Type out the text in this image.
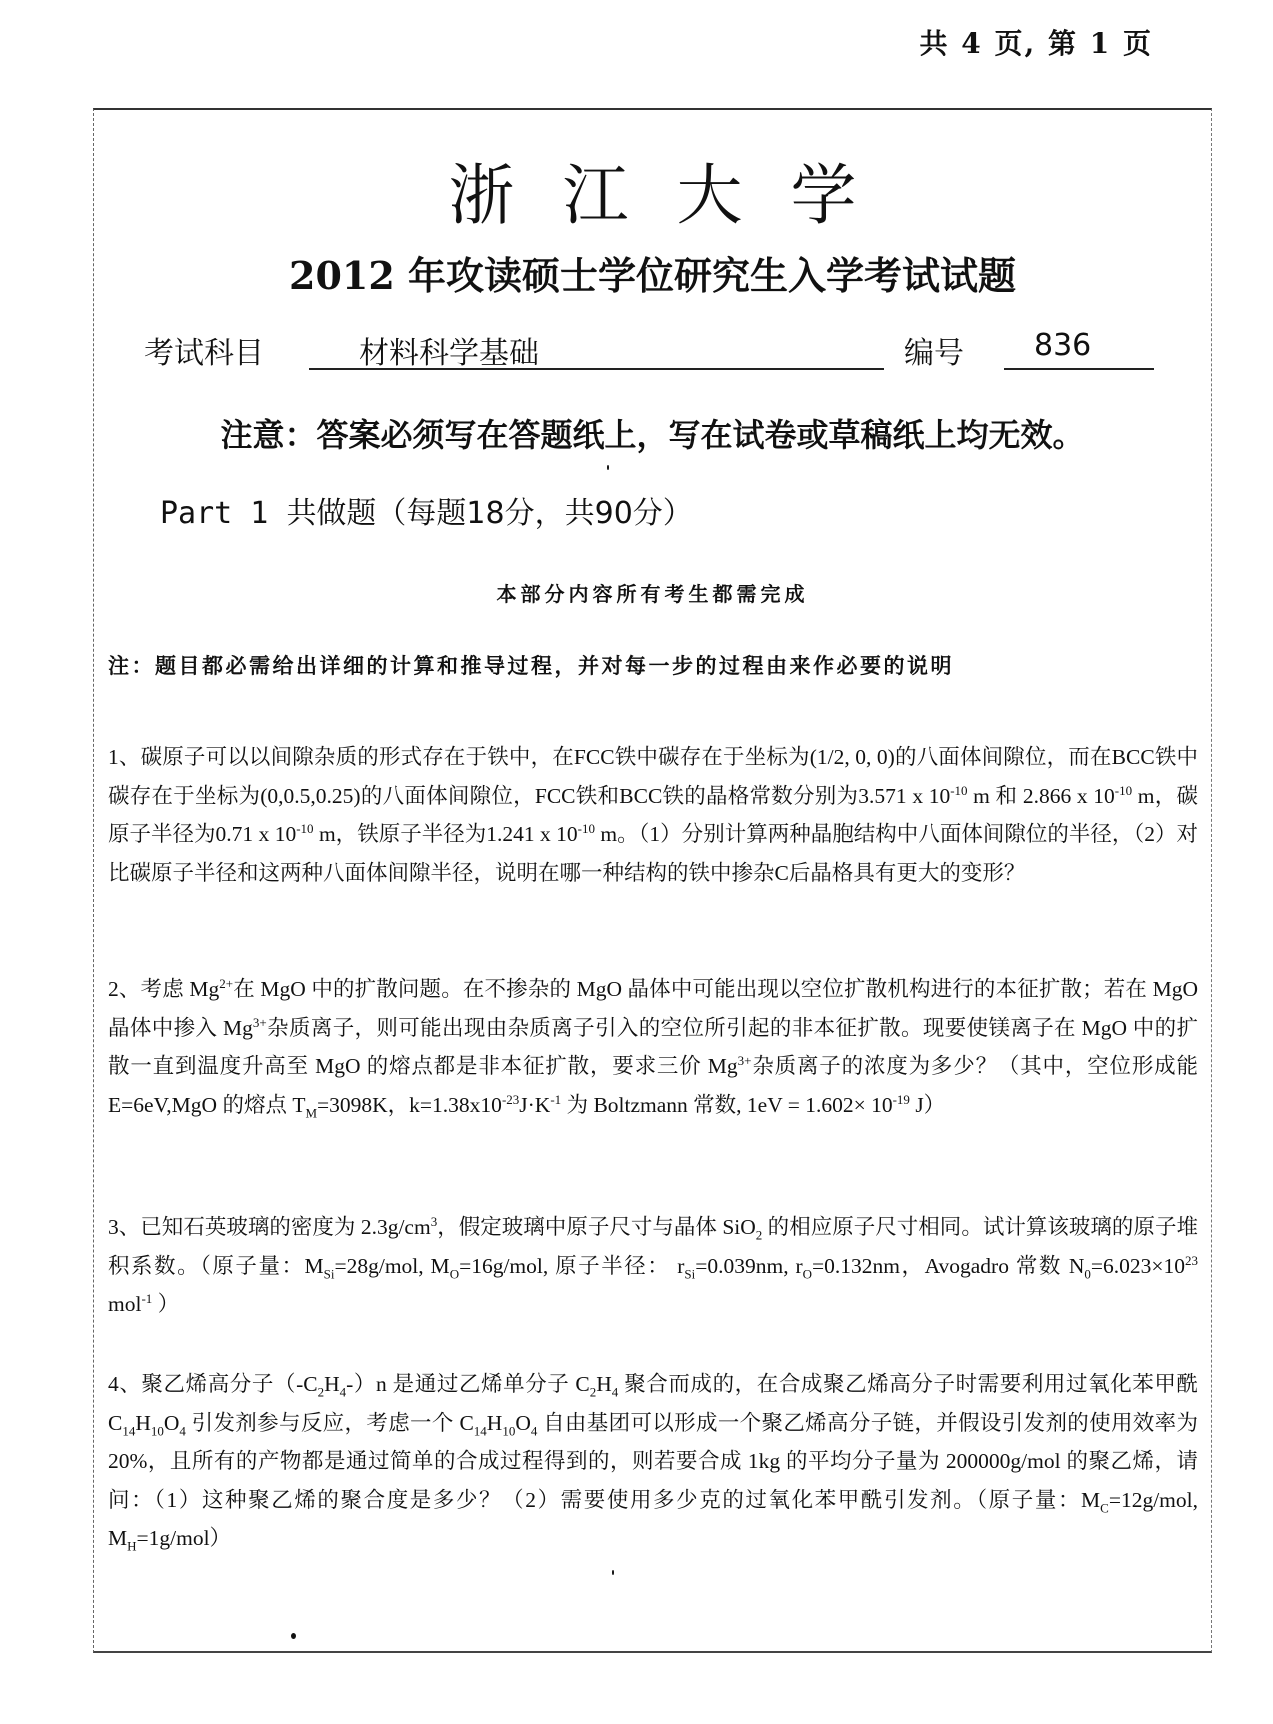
共 4 页, 第 1 页
浙江大学
2012 年攻读硕士学位研究生入学考试试题
考试科目	材料科学基础	编号	836
注意：答案必须写在答题纸上，写在试卷或草稿纸上均无效。
Part 1 共做题（每题18分，共90分）
本部分内容所有考生都需完成
注：题目都必需给出详细的计算和推导过程，并对每一步的过程由来作必要的说明
1、碳原子可以以间隙杂质的形式存在于铁中，在FCC铁中碳存在于坐标为(1/2, 0, 0)的八面体间隙位，而在BCC铁中碳存在于坐标为(0,0.5,0.25)的八面体间隙位，FCC铁和BCC铁的晶格常数分别为3.571 x $10^{-10}$ m 和 2.866 x $10^{-10}$ m，碳原子半径为0.71 x $10^{-10}$ m，铁原子半径为1.241 x $10^{-10}$ m。（1）分别计算两种晶胞结构中八面体间隙位的半径，（2）对比碳原子半径和这两种八面体间隙半径，说明在哪一种结构的铁中掺杂C后晶格具有更大的变形？
2、考虑 $Mg^{2+}$在 MgO 中的扩散问题。在不掺杂的 MgO 晶体中可能出现以空位扩散机构进行的本征扩散；若在 MgO 晶体中掺入 $Mg^{3+}$杂质离子，则可能出现由杂质离子引入的空位所引起的非本征扩散。现要使镁离子在 MgO 中的扩散一直到温度升高至 MgO 的熔点都是非本征扩散，要求三价 $Mg^{3+}$杂质离子的浓度为多少？（其中，空位形成能 E=6eV,MgO 的熔点 $T_M=3098K$，$k=1.38x10^{-23}J\cdot K^{-1}$ 为 Boltzmann 常数, $1eV = 1.602\times 10^{-19}$ J）
3、已知石英玻璃的密度为 $2.3g/cm^3$，假定玻璃中原子尺寸与晶体 SiO$_2$ 的相应原子尺寸相同。试计算该玻璃的原子堆积系数。（原子量：$M_{Si}=28g$/mol, $M_O=16g$/mol, 原子半径： $r_{Si}=0.039nm$, $r_O=0.132nm$，Avogadro 常数 $N_0=6.023\times 10^{23}$ mol$^{-1}$ ）
4、聚乙烯高分子$(-C_2H_4-)n$ 是通过乙烯单分子 $C_2H_4$ 聚合而成的，在合成聚乙烯高分子时需要利用过氧化苯甲酰 $C_{14}H_{10}O_4$ 引发剂参与反应，考虑一个 $C_{14}H_{10}O_4$ 自由基团可以形成一个聚乙烯高分子链，并假设引发剂的使用效率为 20%，且所有的产物都是通过简单的合成过程得到的，则若要合成 1kg 的平均分子量为 200000g/mol 的聚乙烯，请问：（1）这种聚乙烯的聚合度是多少？（2）需要使用多少克的过氧化苯甲酰引发剂。（原子量：$M_C=12g$/mol, $M_H=1g/mol$）
